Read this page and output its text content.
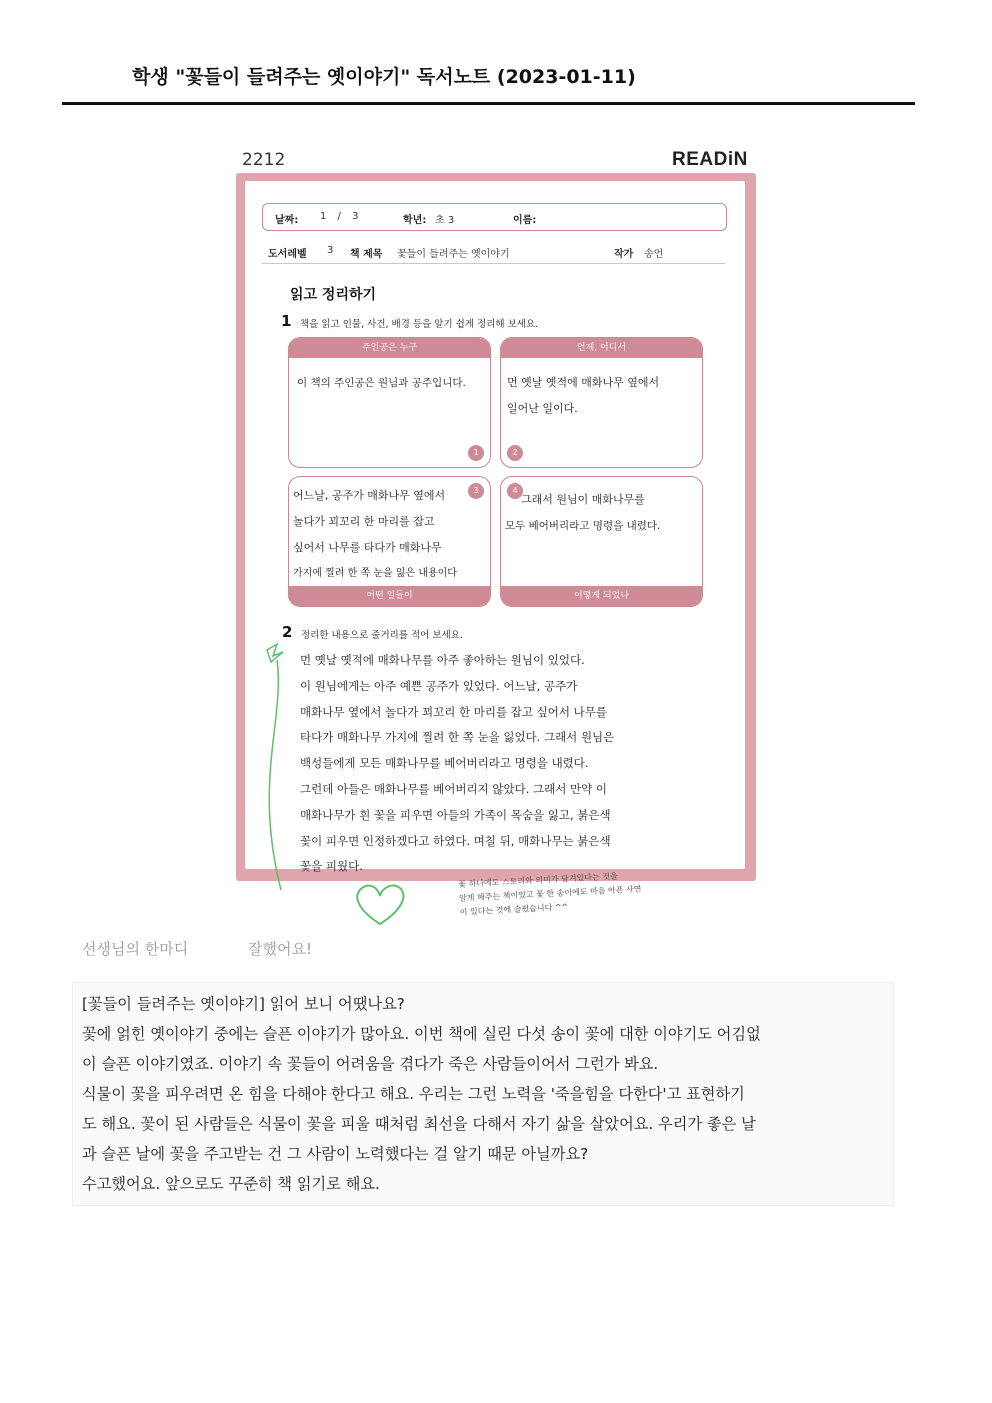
학생 "꽃들이 들려주는 옛이야기" 독서노트 (2023-01-11)
2212	READiN
날짜: 1 / 3	학년: 초 3	이름:
도서레벨 3 책 제목 꽃들이 들려주는 옛이야기	작가 송언
읽고 정리하기
1 책을 읽고 인물, 사건, 배경 등을 알기 쉽게 정리해 보세요.
주인공은 누구
이 책의 주인공은 원님과 공주입니다.
1
언제, 어디서
먼 옛날 옛적에 매화나무 옆에서
일어난 일이다.
2
3
어느날, 공주가 매화나무 옆에서
놀다가 꾀꼬리 한 마리를 잡고
싶어서 나무를 타다가 매화나무
가지에 찔려 한 쪽 눈을 잃은 내용이다
어떤 일들이
4
그래서 원님이 매화나무를
모두 베어버리라고 명령을 내렸다.
어떻게 되었나
2 정리한 내용으로 줄거리를 적어 보세요.
먼 옛날 옛적에 매화나무를 아주 좋아하는 원님이 있었다.
이 원님에게는 아주 예쁜 공주가 있었다. 어느날, 공주가
매화나무 옆에서 놀다가 꾀꼬리 한 마리를 잡고 싶어서 나무를
타다가 매화나무 가지에 찔려 한 쪽 눈을 잃었다. 그래서 원님은
백성들에게 모든 매화나무를 베어버리라고 명령을 내렸다.
그런데 아들은 매화나무를 베어버리지 않았다. 그래서 만약 이
매화나무가 흰 꽃을 피우면 아들의 가족이 목숨을 잃고, 붉은색
꽃이 피우면 인정하겠다고 하였다. 며칠 뒤, 매화나무는 붉은색
꽃을 피웠다.
꽃 하나에도 스토리와 의미가 담겨있다는 것을
알게 해주는 책이었고 꽃 한 송이에도 마음 아픈 사연
이 있다는 것에 슬펐습니다 ^^
선생님의 한마디	잘했어요!
[꽃들이 들려주는 옛이야기] 읽어 보니 어땠나요?
꽃에 얽힌 옛이야기 중에는 슬픈 이야기가 많아요. 이번 책에 실린 다섯 송이 꽃에 대한 이야기도 어김없
이 슬픈 이야기였죠. 이야기 속 꽃들이 어려움을 겪다가 죽은 사람들이어서 그런가 봐요.
식물이 꽃을 피우려면 온 힘을 다해야 한다고 해요. 우리는 그런 노력을 '죽을힘을 다한다'고 표현하기
도 해요. 꽃이 된 사람들은 식물이 꽃을 피울 때처럼 최선을 다해서 자기 삶을 살았어요. 우리가 좋은 날
과 슬픈 날에 꽃을 주고받는 건 그 사람이 노력했다는 걸 알기 때문 아닐까요?
수고했어요. 앞으로도 꾸준히 책 읽기로 해요.
